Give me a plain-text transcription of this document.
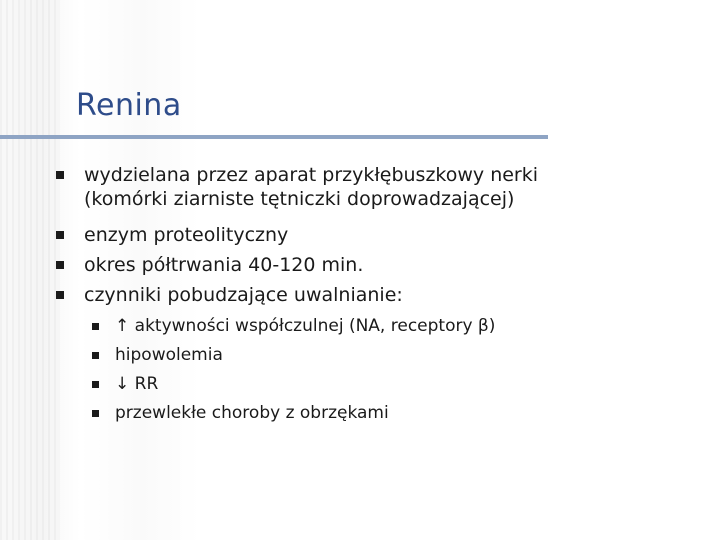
Renina
wydzielana przez aparat przykłębuszkowy nerki
(komórki ziarniste tętniczki doprowadzającej)
enzym proteolityczny
okres półtrwania 40-120 min.
czynniki pobudzające uwalnianie:
↑ aktywności współczulnej (NA, receptory β)
hipowolemia
↓ RR
przewlekłe choroby z obrzękami
